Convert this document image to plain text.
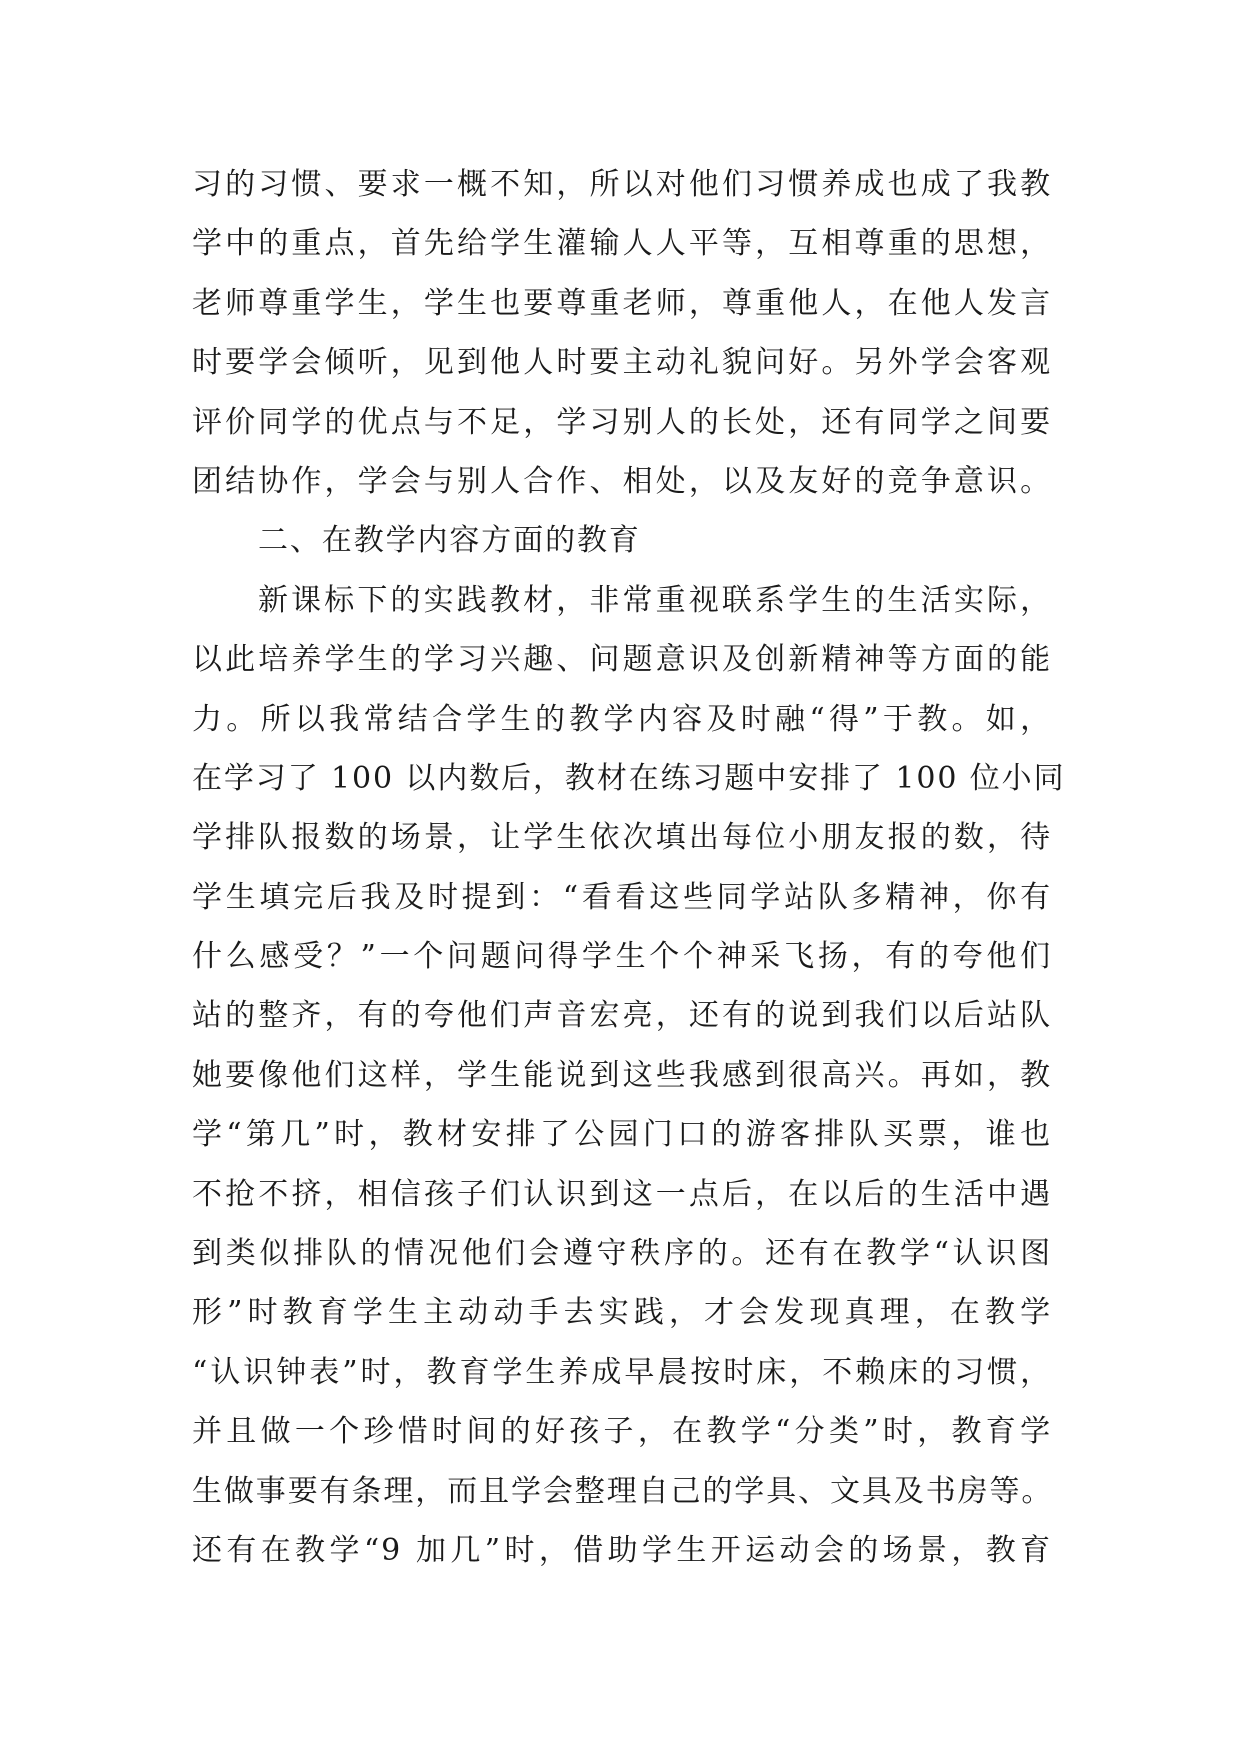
习的习惯、要求一概不知，所以对他们习惯养成也成了我教
学中的重点，首先给学生灌输人人平等，互相尊重的思想，
老师尊重学生，学生也要尊重老师，尊重他人，在他人发言
时要学会倾听，见到他人时要主动礼貌问好。另外学会客观
评价同学的优点与不足，学习别人的长处，还有同学之间要
团结协作，学会与别人合作、相处，以及友好的竞争意识。
二、在教学内容方面的教育
新课标下的实践教材，非常重视联系学生的生活实际，
以此培养学生的学习兴趣、问题意识及创新精神等方面的能
力。所以我常结合学生的教学内容及时融“得”于教。如，
在学习了 100 以内数后，教材在练习题中安排了 100 位小同
学排队报数的场景，让学生依次填出每位小朋友报的数，待
学生填完后我及时提到：“看看这些同学站队多精神，你有
什么感受？”一个问题问得学生个个神采飞扬，有的夸他们
站的整齐，有的夸他们声音宏亮，还有的说到我们以后站队
她要像他们这样，学生能说到这些我感到很高兴。再如，教
学“第几”时，教材安排了公园门口的游客排队买票，谁也
不抢不挤，相信孩子们认识到这一点后，在以后的生活中遇
到类似排队的情况他们会遵守秩序的。还有在教学“认识图
形”时教育学生主动动手去实践，才会发现真理，在教学
“认识钟表”时，教育学生养成早晨按时床，不赖床的习惯，
并且做一个珍惜时间的好孩子，在教学“分类”时，教育学
生做事要有条理，而且学会整理自己的学具、文具及书房等。
还有在教学“9 加几”时，借助学生开运动会的场景，教育
